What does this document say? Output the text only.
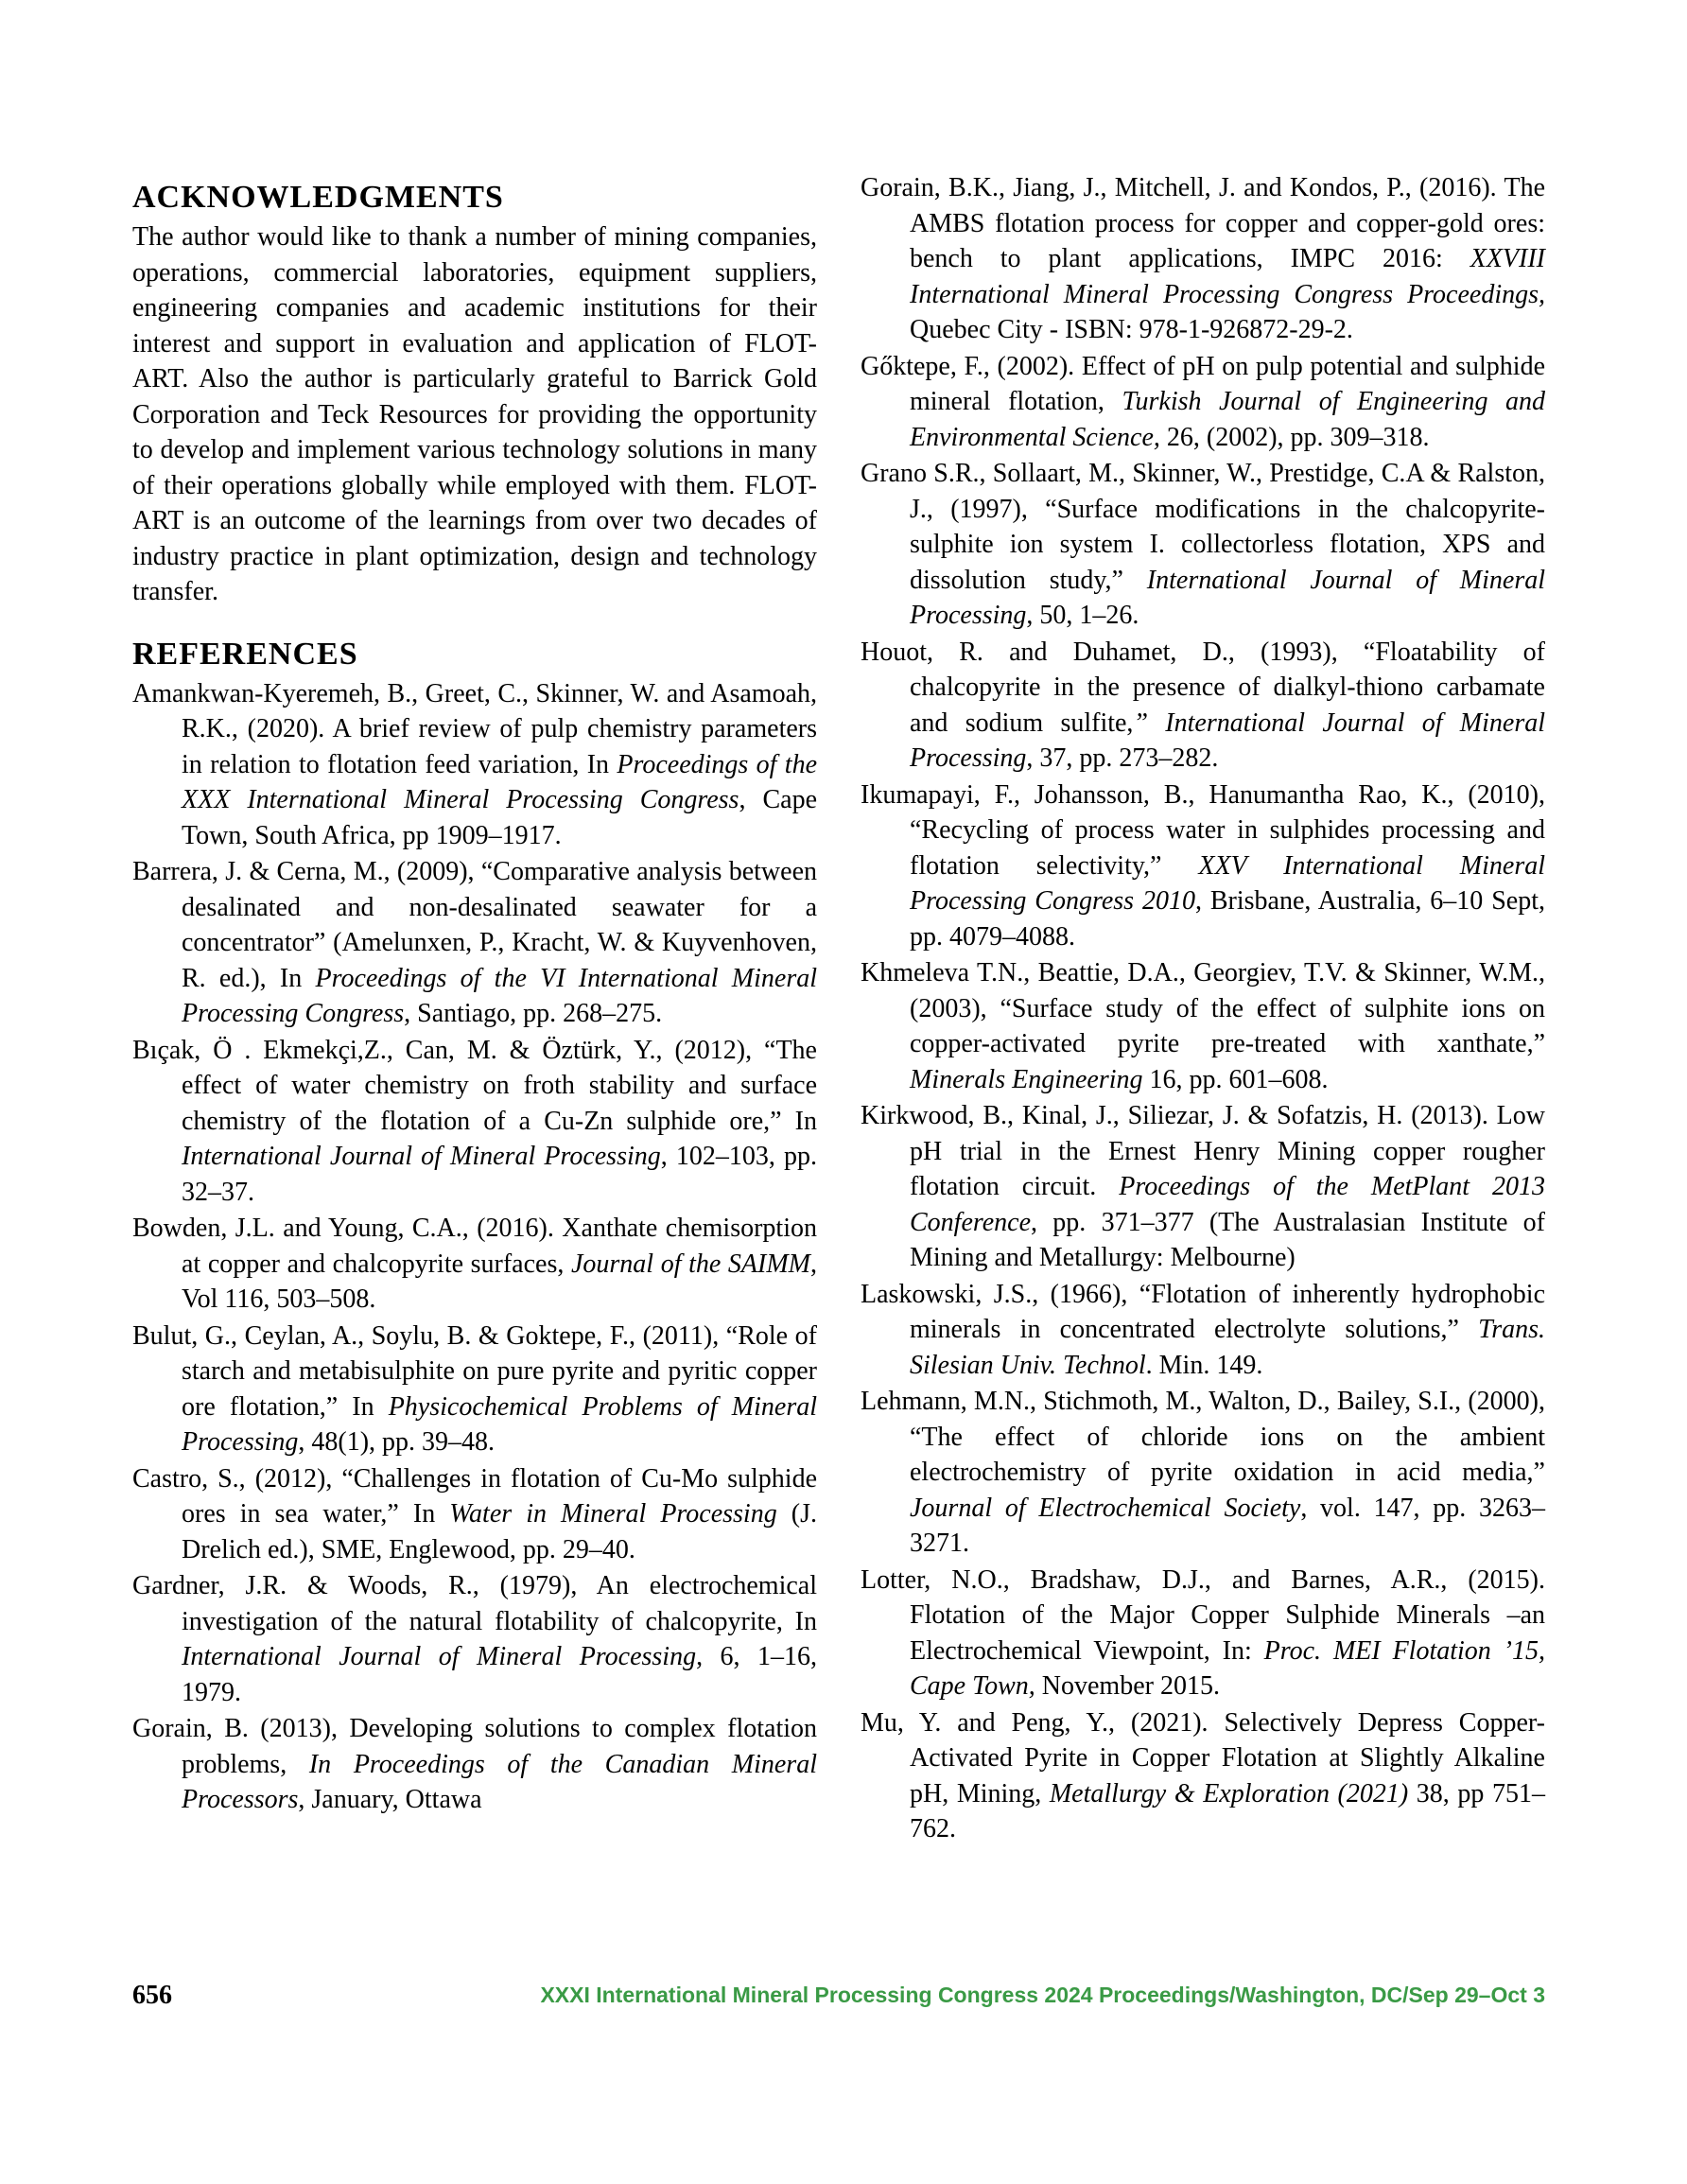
ACKNOWLEDGMENTS

The author would like to thank a number of mining companies, operations, commercial laboratories, equipment suppliers, engineering companies and academic institutions for their interest and support in evaluation and application of FLOT-ART. Also the author is particularly grateful to Barrick Gold Corporation and Teck Resources for providing the opportunity to develop and implement various technology solutions in many of their operations globally while employed with them. FLOT-ART is an outcome of the learnings from over two decades of industry practice in plant optimization, design and technology transfer.

REFERENCES
Amankwan-Kyeremeh, B., Greet, C., Skinner, W. and Asamoah, R.K., (2020). A brief review of pulp chemistry parameters in relation to flotation feed variation, In Proceedings of the XXX International Mineral Processing Congress, Cape Town, South Africa, pp 1909–1917.
Barrera, J. & Cerna, M., (2009), “Comparative analysis between desalinated and non-desalinated seawater for a concentrator” (Amelunxen, P., Kracht, W. & Kuyvenhoven, R. ed.), In Proceedings of the VI International Mineral Processing Congress, Santiago, pp. 268–275.
Bıçak, Ö . Ekmekçi,Z., Can, M. & Öztürk, Y., (2012), “The effect of water chemistry on froth stability and surface chemistry of the flotation of a Cu-Zn sulphide ore,” In International Journal of Mineral Processing, 102–103, pp. 32–37.
Bowden, J.L. and Young, C.A., (2016). Xanthate chemisorption at copper and chalcopyrite surfaces, Journal of the SAIMM, Vol 116, 503–508.
Bulut, G., Ceylan, A., Soylu, B. & Goktepe, F., (2011), “Role of starch and metabisulphite on pure pyrite and pyritic copper ore flotation,” In Physicochemical Problems of Mineral Processing, 48(1), pp. 39–48.
Castro, S., (2012), “Challenges in flotation of Cu-Mo sulphide ores in sea water,” In Water in Mineral Processing (J. Drelich ed.), SME, Englewood, pp. 29–40.
Gardner, J.R. & Woods, R., (1979), An electrochemical investigation of the natural flotability of chalcopyrite, In International Journal of Mineral Processing, 6, 1–16, 1979.
Gorain, B. (2013), Developing solutions to complex flotation problems, In Proceedings of the Canadian Mineral Processors, January, Ottawa
Gorain, B.K., Jiang, J., Mitchell, J. and Kondos, P., (2016). The AMBS flotation process for copper and copper-gold ores: bench to plant applications, IMPC 2016: XXVIII International Mineral Processing Congress Proceedings, Quebec City - ISBN: 978-1-926872-29-2.
Gőktepe, F., (2002). Effect of pH on pulp potential and sulphide mineral flotation, Turkish Journal of Engineering and Environmental Science, 26, (2002), pp. 309–318.
Grano S.R., Sollaart, M., Skinner, W., Prestidge, C.A & Ralston, J., (1997), “Surface modifications in the chalcopyrite-sulphite ion system I. collectorless flotation, XPS and dissolution study,” International Journal of Mineral Processing, 50, 1–26.
Houot, R. and Duhamet, D., (1993), “Floatability of chalcopyrite in the presence of dialkyl-thiono carbamate and sodium sulfite,” International Journal of Mineral Processing, 37, pp. 273–282.
Ikumapayi, F., Johansson, B., Hanumantha Rao, K., (2010), “Recycling of process water in sulphides processing and flotation selectivity,” XXV International Mineral Processing Congress 2010, Brisbane, Australia, 6–10 Sept, pp. 4079–4088.
Khmeleva T.N., Beattie, D.A., Georgiev, T.V. & Skinner, W.M., (2003), “Surface study of the effect of sulphite ions on copper-activated pyrite pre-treated with xanthate,” Minerals Engineering 16, pp. 601–608.
Kirkwood, B., Kinal, J., Siliezar, J. & Sofatzis, H. (2013). Low pH trial in the Ernest Henry Mining copper rougher flotation circuit. Proceedings of the MetPlant 2013 Conference, pp. 371–377 (The Australasian Institute of Mining and Metallurgy: Melbourne)
Laskowski, J.S., (1966), “Flotation of inherently hydrophobic minerals in concentrated electrolyte solutions,” Trans. Silesian Univ. Technol. Min. 149.
Lehmann, M.N., Stichmoth, M., Walton, D., Bailey, S.I., (2000), “The effect of chloride ions on the ambient electrochemistry of pyrite oxidation in acid media,” Journal of Electrochemical Society, vol. 147, pp. 3263–3271.
Lotter, N.O., Bradshaw, D.J., and Barnes, A.R., (2015). Flotation of the Major Copper Sulphide Minerals –an Electrochemical Viewpoint, In: Proc. MEI Flotation ’15, Cape Town, November 2015.
Mu, Y. and Peng, Y., (2021). Selectively Depress Copper-Activated Pyrite in Copper Flotation at Slightly Alkaline pH, Mining, Metallurgy & Exploration (2021) 38, pp 751–762.
656	XXXI International Mineral Processing Congress 2024 Proceedings/Washington, DC/Sep 29–Oct 3
